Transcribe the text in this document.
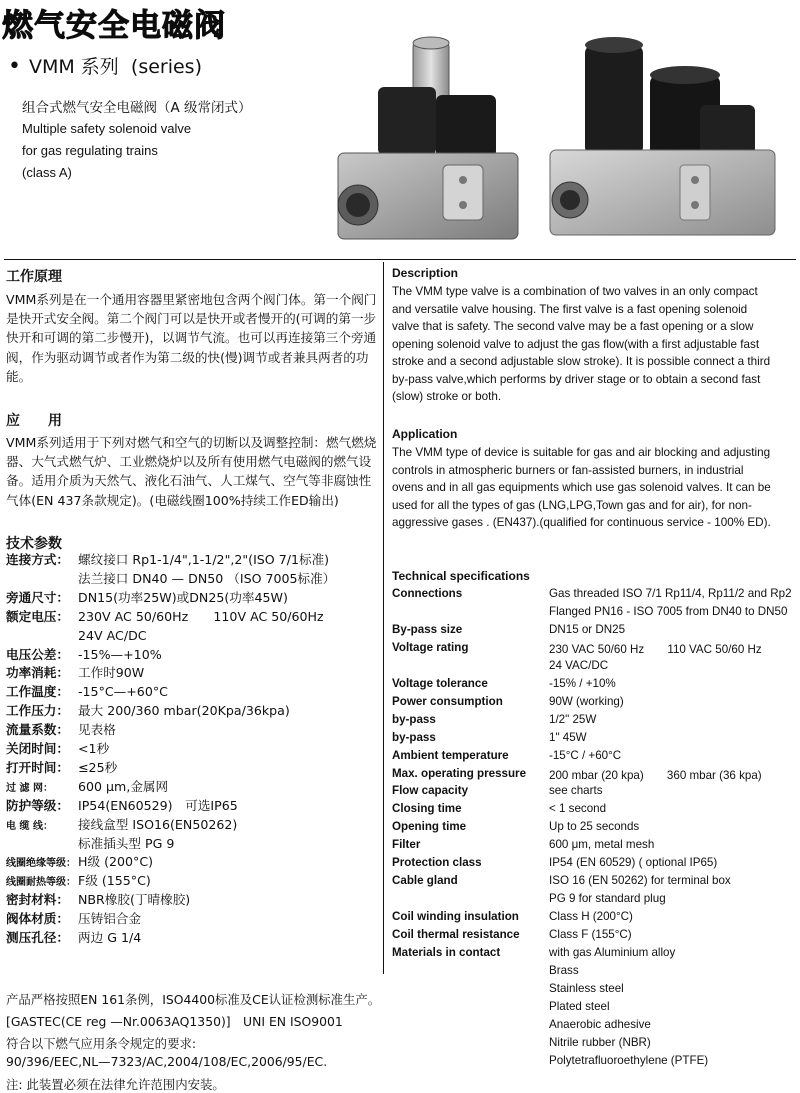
燃气安全电磁阀
• VMM 系列 (series)
组合式燃气安全电磁阀（A 级常闭式）
Multiple safety solenoid valve
for gas regulating trains
(class A)
工作原理
VMM系列是在一个通用容器里紧密地包含两个阀门体。第一个阀门是快开式安全阀。第二个阀门可以是快开或者慢开的(可调的第一步快开和可调的第二步慢开)，以调节气流。也可以再连接第三个旁通阀，作为驱动调节或者作为第二级的快(慢)调节或者兼具两者的功能。
应　　用
VMM系列适用于下列对燃气和空气的切断以及调整控制：燃气燃烧器、大气式燃气炉、工业燃烧炉以及所有使用燃气电磁阀的燃气设备。适用介质为天然气、液化石油气、人工煤气、空气等非腐蚀性气体(EN 437条款规定)。(电磁线圈100%持续工作ED输出)
技术参数
连接方式： 螺纹接口 Rp1-1/4",1-1/2",2"(ISO 7/1标准)
法兰接口 DN40 — DN50 （ISO 7005标准）
旁通尺寸： DN15(功率25W)或DN25(功率45W)
额定电压： 230V AC 50/60Hz　　110V AC 50/60Hz
24V AC/DC
电压公差： -15%—+10%
功率消耗： 工作时90W
工作温度： -15°C—+60°C
工作压力： 最大 200/360 mbar(20Kpa/36kpa)
流量系数： 见表格
关闭时间： <1秒
打开时间： ≤25秒
过 滤 网： 600 μm,金属网
防护等级： IP54(EN60529)　可选IP65
电 缆 线： 接线盒型 ISO16(EN50262)
标准插头型 PG 9
线圈绝缘等级： H级 (200°C)
线圈耐热等级： F级 (155°C)
密封材料： NBR橡胶(丁晴橡胶)
阀体材质： 压铸铝合金
测压孔径： 两边 G 1/4
产品严格按照EN 161条例，ISO4400标准及CE认证检测标准生产。
[GASTEC(CE reg —Nr.0063AQ1350)]　UNI EN ISO9001
符合以下燃气应用条令规定的要求:
90/396/EEC,NL—7323/AC,2004/108/EC,2006/95/EC.
注: 此装置必须在法律允许范围内安装。
Description
The VMM type valve is a combination of two valves in an only compact and versatile valve housing. The first valve is a fast opening solenoid valve that is safety. The second valve may be a fast opening or a slow opening solenoid valve to adjust the gas flow(with a first adjustable fast stroke and a second adjustable slow stroke). It is possible connect a third by-pass valve,which performs by driver stage or to obtain a second fast (slow) stroke or both.
Application
The VMM type of device is suitable for gas and air blocking and adjusting controls in atmospheric burners or fan-assisted burners, in industrial ovens and in all gas equipments which use gas solenoid valves. It can be used for all the types of gas (LNG,LPG,Town gas and for air), for non-aggressive gases . (EN437).(qualified for continuous service - 100% ED).
Technical specifications
Connections	Gas threaded ISO 7/1 Rp11/4, Rp11/2 and Rp2
Flanged PN16 - ISO 7005 from DN40 to DN50
By-pass size	DN15 or DN25
Voltage rating	230 VAC 50/60 Hz　　110 VAC 50/60 Hz
24 VAC/DC
Voltage tolerance	-15% / +10%
Power consumption	90W (working)
by-pass	1/2" 25W
by-pass	1" 45W
Ambient temperature	-15°C / +60°C
Max. operating pressure 200 mbar (20 kpa)　　360 mbar (36 kpa)
Flow capacity	see charts
Closing time	< 1 second
Opening time	Up to 25 seconds
Filter	600 μm, metal mesh
Protection class	IP54 (EN 60529) ( optional IP65)
Cable gland	ISO 16 (EN 50262) for terminal box
PG 9 for standard plug
Coil winding insulation	Class H (200°C)
Coil thermal resistance	Class F (155°C)
Materials in contact	with gas Aluminium alloy
Brass
Stainless steel
Plated steel
Anaerobic adhesive
Nitrile rubber (NBR)
Polytetrafluoroethylene (PTFE)
